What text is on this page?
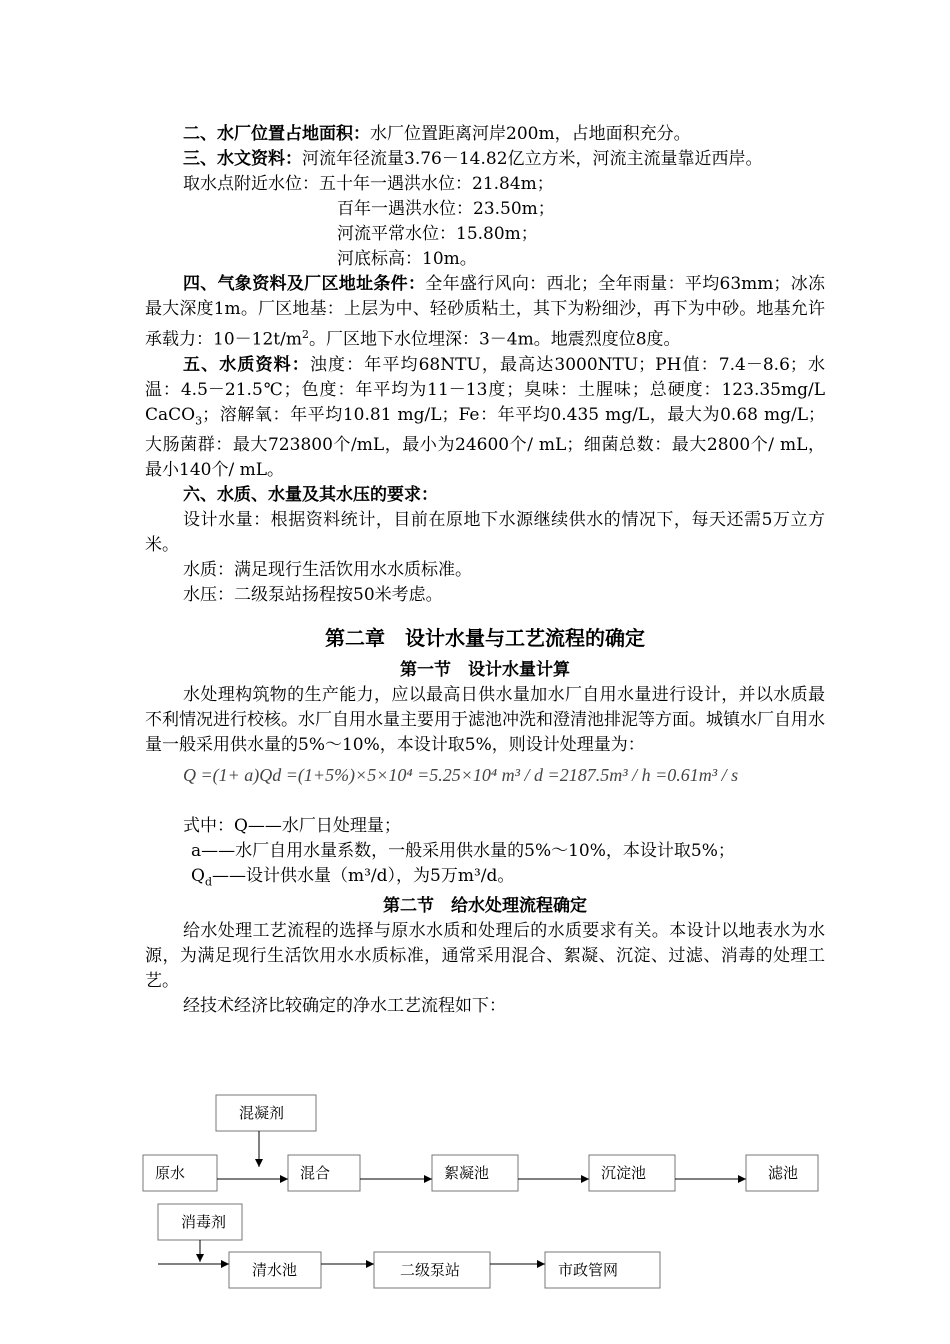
二、水厂位置占地面积：水厂位置距离河岸200m，占地面积充分。

三、水文资料：河流年径流量3.76－14.82亿立方米，河流主流量靠近西岸。

取水点附近水位：五十年一遇洪水位：21.84m；

百年一遇洪水位：23.50m；

河流平常水位：15.80m；

河底标高：10m。

四、气象资料及厂区地址条件：全年盛行风向：西北；全年雨量：平均63mm；冰冻最大深度1m。厂区地基：上层为中、轻砂质粘土，其下为粉细沙，再下为中砂。地基允许承载力：$10-12t/m^2$。厂区地下水位埋深：3－4m。地震烈度位8度。

五、水质资料：浊度：年平均68NTU，最高达3000NTU；PH值：7.4－8.6；水温：4.5－21.5℃；色度：年平均为11－13度；臭味：土腥味；总硬度：123.35mg/L CaCO$_3$；溶解氧：年平均10.81 mg/L；Fe：年平均0.435 mg/L，最大为0.68 mg/L；大肠菌群：最大723800个/mL，最小为24600个/ mL；细菌总数：最大2800个/ mL，最小140个/ mL。

六、水质、水量及其水压的要求：

设计水量：根据资料统计，目前在原地下水源继续供水的情况下，每天还需5万立方米。

水质：满足现行生活饮用水水质标准。

水压：二级泵站扬程按50米考虑。

第二章　设计水量与工艺流程的确定
第一节　设计水量计算

水处理构筑物的生产能力，应以最高日供水量加水厂自用水量进行设计，并以水质最不利情况进行校核。水厂自用水量主要用于滤池冲洗和澄清池排泥等方面。城镇水厂自用水量一般采用供水量的5%～10%，本设计取5%，则设计处理量为：

Q =(1+ a)Qd =(1+5%)×5×10⁴ =5.25×10⁴ m³ / d =2187.5m³ / h =0.61m³ / s

式中：Q——水厂日处理量；

a——水厂自用水量系数，一般采用供水量的5%～10%，本设计取5%；

$Q_d——$设计供水量（m³/d），为5万m³/d。

第二节　给水处理流程确定

给水处理工艺流程的选择与原水水质和处理后的水质要求有关。本设计以地表水为水源，为满足现行生活饮用水水质标准，通常采用混合、絮凝、沉淀、过滤、消毒的处理工艺。

经技术经济比较确定的净水工艺流程如下：

混凝剂
原水	混合	絮凝池	沉淀池	滤池
消毒剂
清水池	二级泵站	市政管网
